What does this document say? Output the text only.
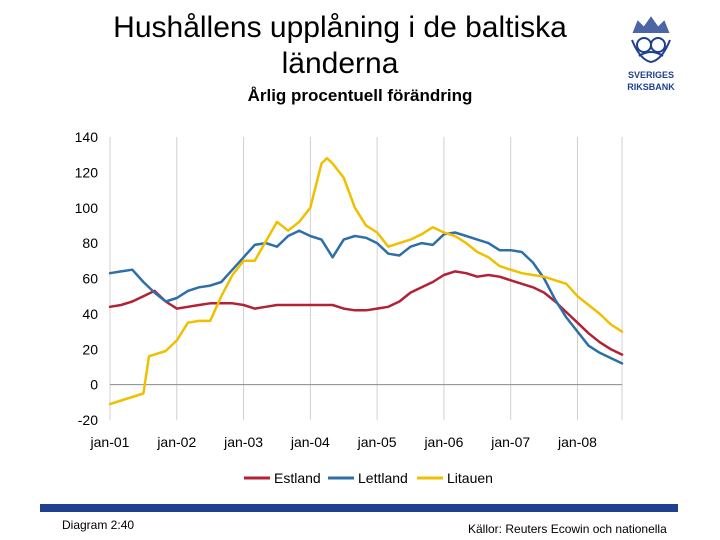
Hushållens upplåning i de baltiska länderna
Årlig procentuell förändring
SVERIGES
RIKSBANK
-20
0
20
40
60
80
100
120
140
jan-01 jan-02 jan-03 jan-04 jan-05 jan-06 jan-07 jan-08
Estland	Lettland	Litauen
Diagram 2:40	Källor: Reuters Ecowin och nationella
